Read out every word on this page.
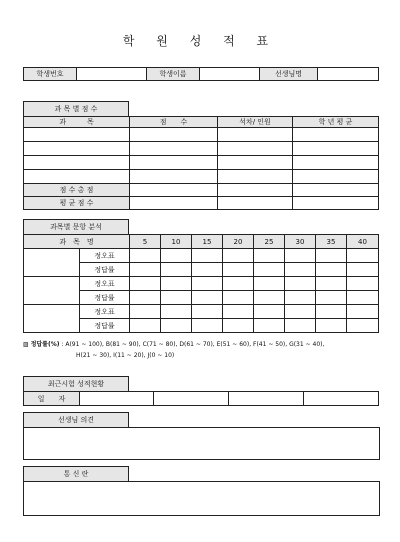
학 원 성 적 표
학생번호		학생이름		선생님명	
과 목 별 점 수
과　　　목	점　　수	석차/ 인원	학 년 평 균

점 수 총 점			
평 균 점 수			
과목별 문항 분석
과　목　명		5	10	15	20	25	30	35	40
	정오표								
	정답률								
	정오표								
	정답률								
	정오표								
	정답률								
▨ 정답률(%) : A(91 ~ 100), B(81 ~ 90), C(71 ~ 80), D(61 ~ 70), E(51 ~ 60), F(41 ~ 50), G(31 ~ 40),
H(21 ~ 30), I(11 ~ 20), J(0 ~ 10)
최근시험 성적현황
일　　자				
선생님 의견
통 신 란
